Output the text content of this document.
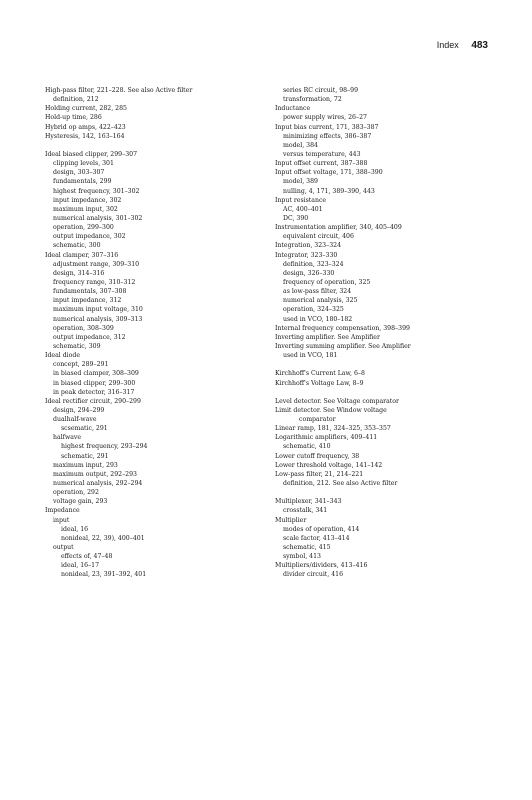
Index 483
High-pass filter, 221–228. See also Active filter
definition, 212
Holding current, 282, 285
Hold-up time, 286
Hybrid op amps, 422–423
Hysteresis, 142, 163–164
Ideal biased clipper, 299–307
clipping levels, 301
design, 303–307
fundamentals, 299
highest frequency, 301–302
input impedance, 302
maximum input, 302
numerical analysis, 301–302
operation, 299–300
output impedance, 302
schematic, 300
Ideal clamper, 307–316
adjustment range, 309–310
design, 314–316
frequency range, 310–312
fundamentals, 307–308
input impedance, 312
maximum input voltage, 310
numerical analysis, 309–313
operation, 308–309
output impedance, 312
schematic, 309
Ideal diode
concept, 289–291
in biased clamper, 308–309
in biased clipper, 299–300
in peak detector, 316–317
Ideal rectifier circuit, 290–299
design, 294–299
dualhalf-wave
scsematic, 291
halfwave
highest frequency, 293–294
schematic, 291
maximum input, 293
maximum output, 292–293
numerical analysis, 292–294
operation, 292
voltage gain, 293
Impedance
input
ideal, 16
nonideal, 22, 39), 400–401
output
effects of, 47–48
ideal, 16–17
nonideal, 23, 391–392, 401
series RC circuit, 98–99
transformation, 72
Inductance
power supply wires, 26–27
Input bias current, 171, 383–387
minimizing effects, 386–387
model, 384
versus temperature, 443
Input offset current, 387–388
Input offset voltage, 171, 388–390
model, 389
nulling, 4, 171, 389–390, 443
Input resistance
AC, 400–401
DC, 390
Instrumentation amplifier, 340, 405–409
equivalent circuit, 406
Integration, 323–324
Integrator, 323–330
definition, 323–324
design, 326–330
frequency of operation, 325
as low-pass filter, 324
numerical analysis, 325
operation, 324–325
used in VCO, 180–182
Internal frequency compensation, 398–399
Inverting amplifier. See Amplifier
Inverting summing amplifier. See Amplifier
used in VCO, 181
Kirchhoff's Current Law, 6–8
Kirchhoff's Voltage Law, 8–9
Level detector. See Voltage comparator
Limit detector. See Window voltage
comparator
Linear ramp, 181, 324–325, 353–357
Logarithmic amplifiers, 409–411
schematic, 410
Lower cutoff frequency, 38
Lower threshold voltage, 141–142
Low-pass filter, 21, 214–221
definition, 212. See also Active filter
Multiplexer, 341–343
crosstalk, 341
Multiplier
modes of operation, 414
scale factor, 413–414
schematic, 415
symbol, 413
Multipliers/dividers, 413–416
divider circuit, 416
